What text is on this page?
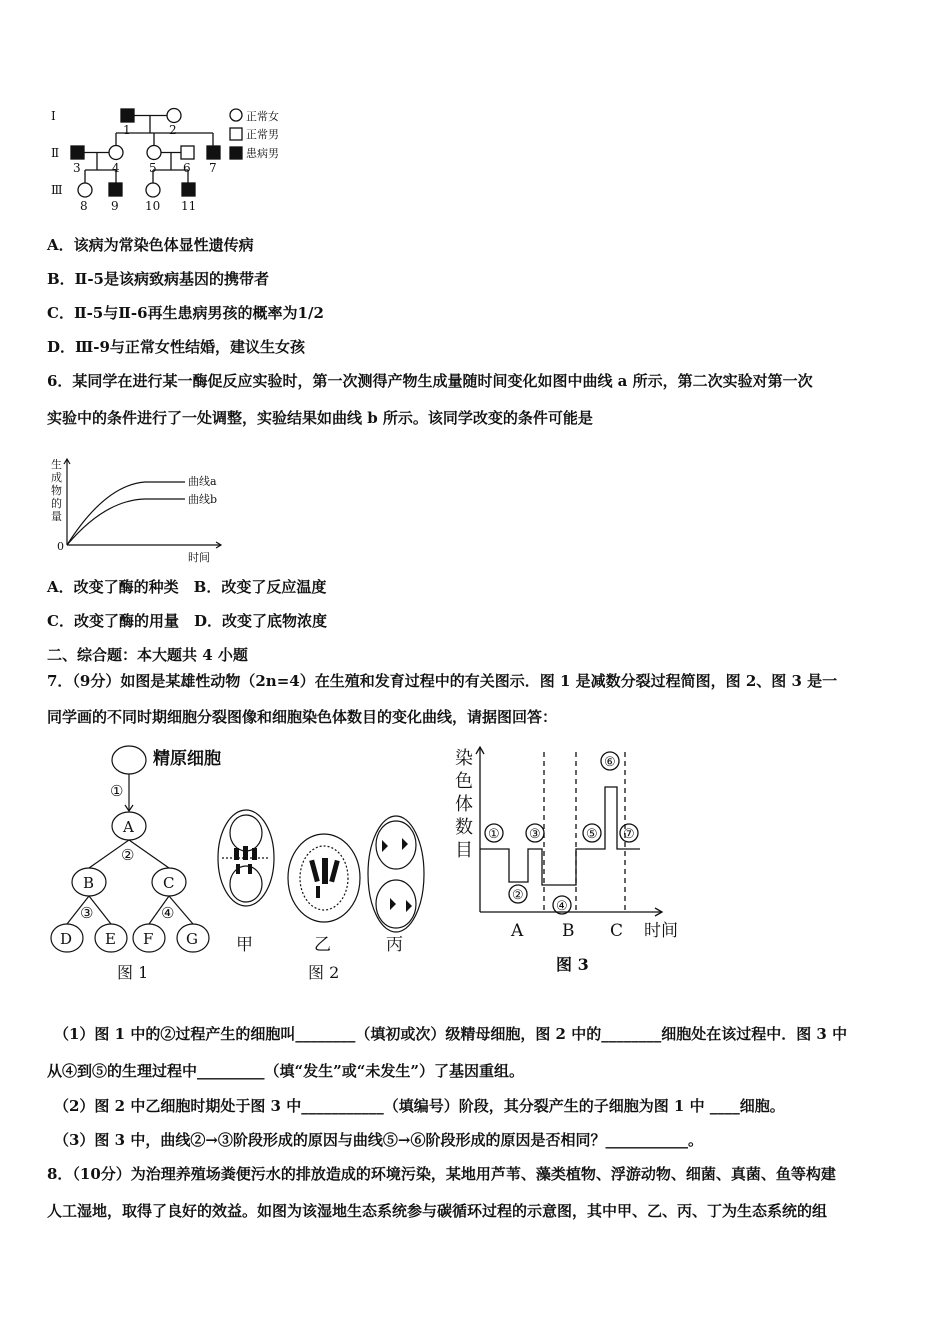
Ⅰ
Ⅱ
Ⅲ
1	2
3	4 5 6 7
8 9 10 11
正常女
正常男
患病男
A．该病为常染色体显性遗传病
B．Ⅱ-5是该病致病基因的携带者
C．Ⅱ-5与Ⅱ-6再生患病男孩的概率为1/2
D．Ⅲ-9与正常女性结婚，建议生女孩
6．某同学在进行某一酶促反应实验时，第一次测得产物生成量随时间变化如图中曲线 a 所示，第二次实验对第一次
实验中的条件进行了一处调整，实验结果如曲线 b 所示。该同学改变的条件可能是
生
成
物
的
量
0
曲线a
曲线b
时间
A．改变了酶的种类　B．改变了反应温度
C．改变了酶的用量　D．改变了底物浓度
二、综合题：本大题共 4 小题
7．（9分）如图是某雄性动物（2n=4）在生殖和发育过程中的有关图示．图 1 是减数分裂过程简图，图 2、图 3 是一
同学画的不同时期细胞分裂图像和细胞染色体数目的变化曲线，请据图回答：
精原细胞
①
A
②
B	C
③	④
D E F G
图 1
甲	乙	丙
图 2
染
色
体
数
目
①
②
③
④
⑤
⑥
⑦
A B C 时间
图 3
（1）图 1 中的②过程产生的细胞叫________（填初或次）级精母细胞，图 2 中的________细胞处在该过程中．图 3 中
从④到⑤的生理过程中_________（填“发生”或“未发生”）了基因重组。
（2）图 2 中乙细胞时期处于图 3 中___________（填编号）阶段，其分裂产生的子细胞为图 1 中 ____细胞。
（3）图 3 中，曲线②→③阶段形成的原因与曲线⑤→⑥阶段形成的原因是否相同？___________。
8．（10分）为治理养殖场粪便污水的排放造成的环境污染，某地用芦苇、藻类植物、浮游动物、细菌、真菌、鱼等构建
人工湿地，取得了良好的效益。如图为该湿地生态系统参与碳循环过程的示意图，其中甲、乙、丙、丁为生态系统的组
